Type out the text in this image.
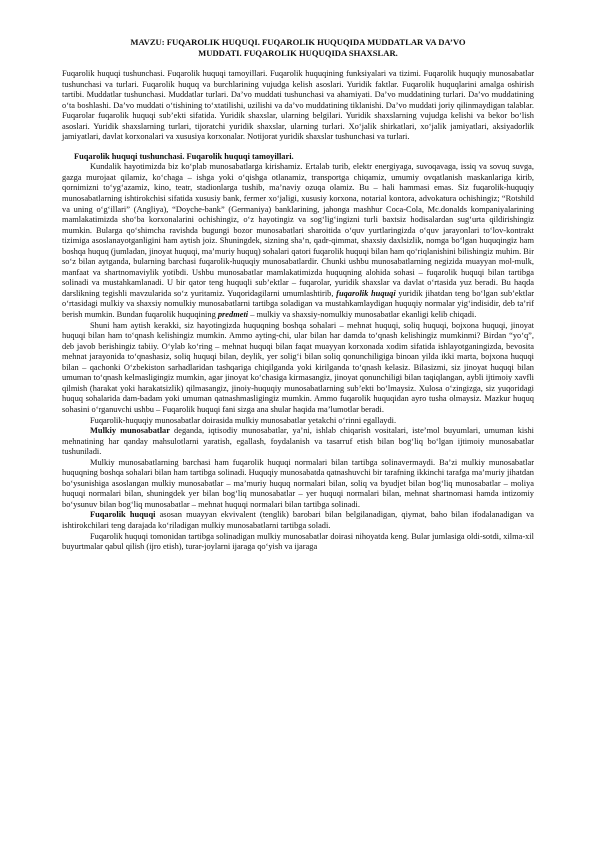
MAVZU: FUQAROLIK HUQUQI. FUQAROLIK HUQUQIDA MUDDATLAR VA DA’VO
MUDDATI. FUQAROLIK HUQUQIDA SHAXSLAR.

Fuqarolik huquqi tushunchasi. Fuqarolik huquqi tamoyillari. Fuqarolik huquqining funksiyalari va tizimi. Fuqarolik huquqiy munosabatlar tushunchasi va turlari. Fuqarolik huquq va burchlarining vujudga kelish asoslari. Yuridik faktlar. Fuqarolik huquqlarini amalga oshirish tartibi. Muddatlar tushunchasi. Muddatlar turlari. Da’vo muddati tushunchasi va ahamiyati. Da’vo muddatining turlari. Da’vo muddatining o‘ta boshlashi. Da’vo muddati o‘tishining to‘xtatilishi, uzilishi va da’vo muddatining tiklanishi. Da’vo muddati joriy qilinmaydigan talablar. Fuqarolar fuqarolik huquqi sub’ekti sifatida. Yuridik shaxslar, ularning belgilari. Yuridik shaxslarning vujudga kelishi va bekor bo‘lish asoslari. Yuridik shaxslarning turlari, tijoratchi yuridik shaxslar, ularning turlari. Xo‘jalik shirkatlari, xo‘jalik jamiyatlari, aksiyadorlik jamiyatlari, davlat korxonalari va xususiya korxonalar. Notijorat yuridik shaxslar tushunchasi va turlari.

Fuqarolik huquqi tushunchasi. Fuqarolik huquqi tamoyillari.

Kundalik hayotimizda biz ko‘plab munosabatlarga kirishamiz. Ertalab turib, elektr energiyaga, suvoqavaga, issiq va sovuq suvga, gazga murojaat qilamiz, ko‘chaga – ishga yoki o‘qishga otlanamiz, transportga chiqamiz, umumiy ovqatlanish maskanlariga kirib, qornimizni to‘yg‘azamiz, kino, teatr, stadionlarga tushib, ma’naviy ozuqa olamiz. Bu – hali hammasi emas. Siz fuqarolik-huquqiy munosabatlarning ishtirokchisi sifatida xususiy bank, fermer xo‘jaligi, xususiy korxona, notarial kontora, advokatura ochishingiz; “Rotshild va uning o‘g‘illari” (Angliya), “Doyche-bank” (Germaniya) banklarining, jahonga mashhur Coca-Cola, Mc.donalds kompaniyalarining mamlakatimizda sho‘ba korxonalarini ochishingiz, o‘z hayotingiz va sog‘lig‘ingizni turli baxtsiz hodisalardan sug‘urta qildirishingiz mumkin. Bularga qo‘shimcha ravishda bugungi bozor munosabatlari sharoitida o‘quv yurtlaringizda o‘quv jarayonlari to‘lov-kontrakt tizimiga asoslanayotganligini ham aytish joiz. Shuningdek, sizning sha’n, qadr-qimmat, shaxsiy daxlsizlik, nomga bo‘lgan huquqingiz ham boshqa huquq (jumladan, jinoyat huquqi, ma’muriy huquq) sohalari qatori fuqarolik huquqi bilan ham qo‘riqlanishini bilishingiz muhim. Bir so‘z bilan aytganda, bularning barchasi fuqarolik-huquqiy munosabatlardir. Chunki ushbu munosabatlarning negizida muayyan mol-mulk, manfaat va shartnomaviylik yotibdi. Ushbu munosabatlar mamlakatimizda huquqning alohida sohasi – fuqarolik huquqi bilan tartibga solinadi va mustahkamlanadi. U bir qator teng huquqli sub’ektlar – fuqarolar, yuridik shaxslar va davlat o‘rtasida yuz beradi. Bu haqda darslikning tegishli mavzularida so‘z yuritamiz. Yuqoridagilarni umumlashtirib, fuqarolik huquqi yuridik jihatdan teng bo‘lgan sub’ektlar o‘rtasidagi mulkiy va shaxsiy nomulkiy munosabatlarni tartibga soladigan va mustahkamlaydigan huquqiy normalar yig‘indisidir, deb ta’rif berish mumkin. Bundan fuqarolik huquqining predmeti – mulkiy va shaxsiy-nomulkiy munosabatlar ekanligi kelib chiqadi.

Shuni ham aytish kerakki, siz hayotingizda huquqning boshqa sohalari – mehnat huquqi, soliq huquqi, bojxona huquqi, jinoyat huquqi bilan ham to‘qnash kelishingiz mumkin. Ammo ayting-chi, ular bilan har damda to‘qnash kelishingiz mumkinmi? Birdan “yo‘q”, deb javob berishingiz tabiiy. O‘ylab ko‘ring – mehnat huquqi bilan faqat muayyan korxonada xodim sifatida ishlayotganingizda, bevosita mehnat jarayonida to‘qnashasiz, soliq huquqi bilan, deylik, yer solig‘i bilan soliq qonunchiligiga binoan yilda ikki marta, bojxona huquqi bilan – qachonki O‘zbekiston sarhadlaridan tashqariga chiqilganda yoki kirilganda to‘qnash kelasiz. Bilasizmi, siz jinoyat huquqi bilan umuman to‘qnash kelmasligingiz mumkin, agar jinoyat ko‘chasiga kirmasangiz, jinoyat qonunchiligi bilan taqiqlangan, aybli ijtimoiy xavfli qilmish (harakat yoki harakatsizlik) qilmasangiz, jinoiy-huquqiy munosabatlarning sub’ekti bo‘lmaysiz. Xulosa o‘zingizga, siz yuqoridagi huquq sohalarida dam-badam yoki umuman qatnashmasligingiz mumkin. Ammo fuqarolik huquqidan ayro tusha olmaysiz. Mazkur huquq sohasini o‘rganuvchi ushbu – Fuqarolik huquqi fani sizga ana shular haqida ma’lumotlar beradi.

Fuqarolik-huquqiy munosabatlar doirasida mulkiy munosabatlar yetakchi o‘rinni egallaydi.

Mulkiy munosabatlar deganda, iqtisodiy munosabatlar, ya’ni, ishlab chiqarish vositalari, iste’mol buyumlari, umuman kishi mehnatining har qanday mahsulotlarni yaratish, egallash, foydalanish va tasarruf etish bilan bog‘liq bo‘lgan ijtimoiy munosabatlar tushuniladi.

Mulkiy munosabatlarning barchasi ham fuqarolik huquqi normalari bilan tartibga solinavermaydi. Ba’zi mulkiy munosabatlar huquqning boshqa sohalari bilan ham tartibga solinadi. Huquqiy munosabatda qatnashuvchi bir tarafning ikkinchi tarafga ma’muriy jihatdan bo‘ysunishiga asoslangan mulkiy munosabatlar – ma’muriy huquq normalari bilan, soliq va byudjet bilan bog‘liq munosabatlar – moliya huquqi normalari bilan, shuningdek yer bilan bog‘liq munosabatlar – yer huquqi normalari bilan, mehnat shartnomasi hamda intizomiy bo‘ysunuv bilan bog‘liq munosabatlar – mehnat huquqi normalari bilan tartibga solinadi.

Fuqarolik huquqi asosan muayyan ekvivalent (tenglik) barobari bilan belgilanadigan, qiymat, baho bilan ifodalanadigan va ishtirokchilari teng darajada ko‘riladigan mulkiy munosabatlarni tartibga soladi.

Fuqarolik huquqi tomonidan tartibga solinadigan mulkiy munosabatlar doirasi nihoyatda keng. Bular jumlasiga oldi-sotdi, xilma-xil buyurtmalar qabul qilish (ijro etish), turar-joylarni ijaraga qo‘yish va ijaraga
